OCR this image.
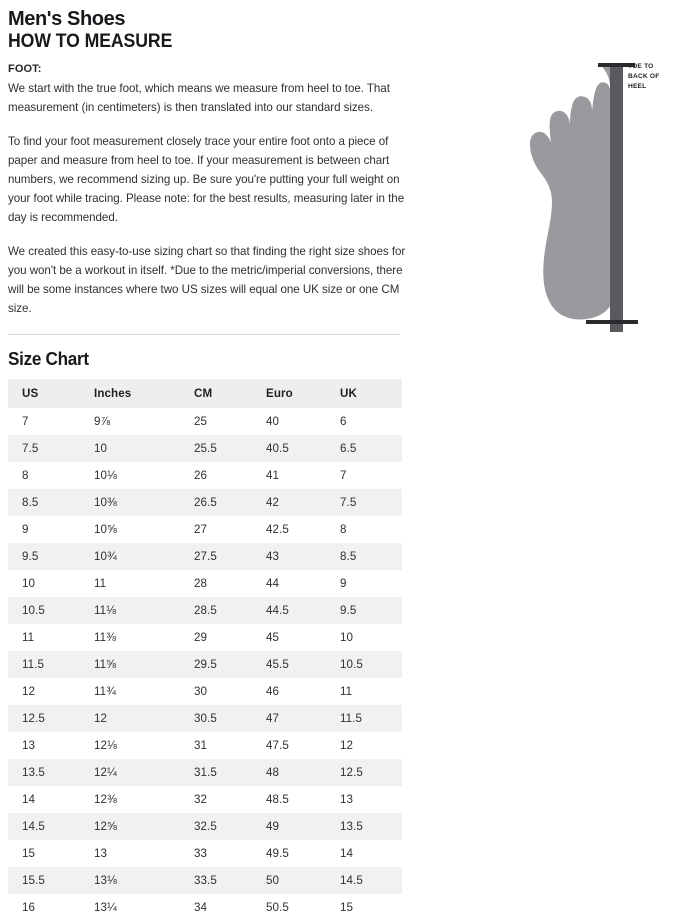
Men's Shoes
HOW TO MEASURE
FOOT:

We start with the true foot, which means we measure from heel to toe. That measurement (in centimeters) is then translated into our standard sizes.

To find your foot measurement closely trace your entire foot onto a piece of paper and measure from heel to toe. If your measurement is between chart numbers, we recommend sizing up. Be sure you're putting your full weight on your foot while tracing. Please note: for the best results, measuring later in the day is recommended.

We created this easy-to-use sizing chart so that finding the right size shoes for you won't be a workout in itself. *Due to the metric/imperial conversions, there will be some instances where two US sizes will equal one UK size or one CM size.

Size Chart
US	Inches	CM	Euro	UK
7	9⅞	25	40	6
7.5	10	25.5	40.5	6.5
8	10⅛	26	41	7
8.5	10⅜	26.5	42	7.5
9	10⅝	27	42.5	8
9.5	10¾	27.5	43	8.5
10	11	28	44	9
10.5	11⅛	28.5	44.5	9.5
11	11⅜	29	45	10
11.5	11⅝	29.5	45.5	10.5
12	11¾	30	46	11
12.5	12	30.5	47	11.5
13	12⅛	31	47.5	12
13.5	12¼	31.5	48	12.5
14	12⅜	32	48.5	13
14.5	12⅝	32.5	49	13.5
15	13	33	49.5	14
15.5	13⅛	33.5	50	14.5
16	13¼	34	50.5	15
TOE TO
BACK OF
HEEL
